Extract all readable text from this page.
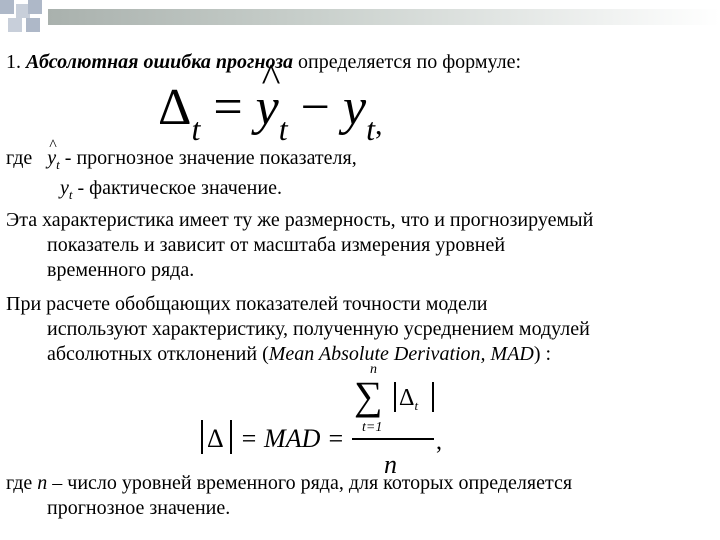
1. Абсолютная ошибка прогноза определяется по формуле:
$\Delta_t$ = ^ $y_t - y_t$,
где ^ $y_t$ - прогнозное значение показателя,
$y_t$ - фактическое значение.
Эта характеристика имеет ту же размерность, что и прогнозируемый
показатель и зависит от масштаба измерения уровней
временного ряда.
При расчете обобщающих показателей точности модели
используют характеристику, полученную усреднением модулей
абсолютных отклонений (Mean Absolute Derivation, MAD) :
Δ = MAD =
n
∑
t=1
$\Delta_t$
,
n
где n – число уровней временного ряда, для которых определяется
прогнозное значение.
